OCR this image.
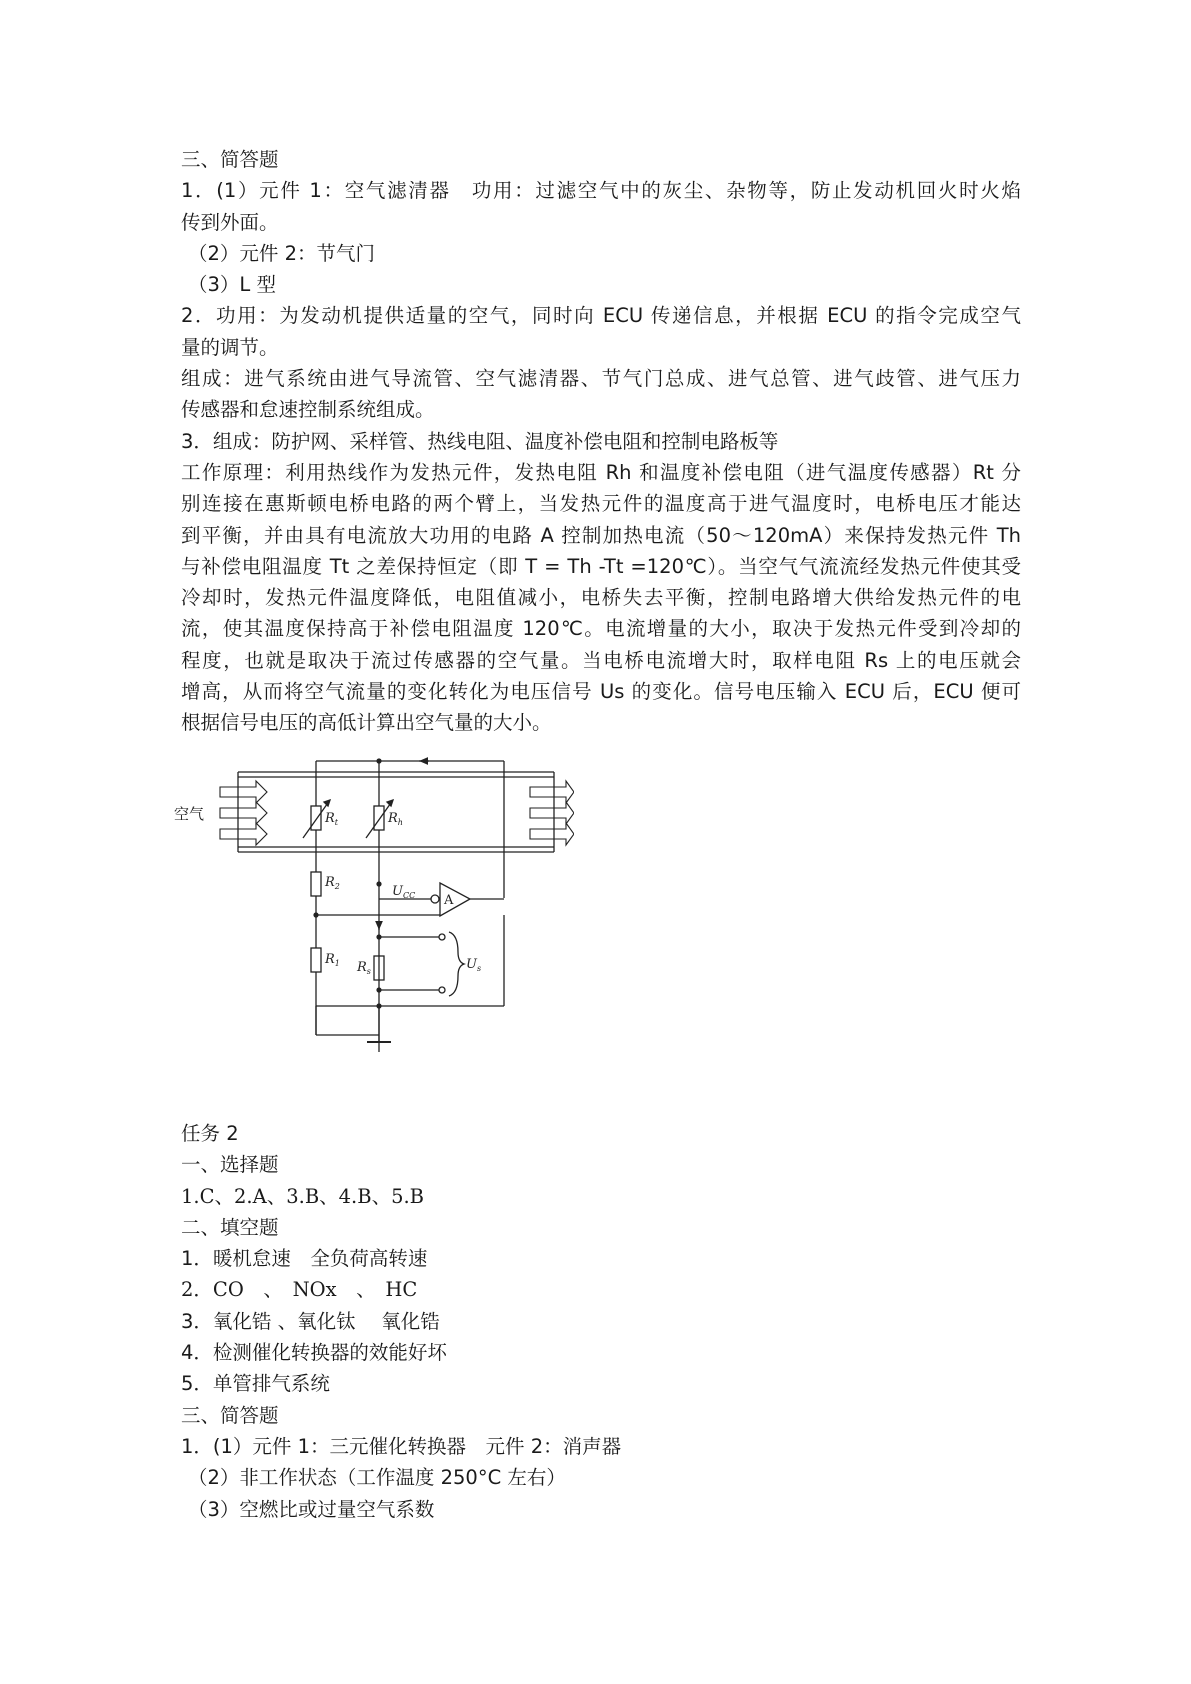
三、简答题
1．(1）元件 1：空气滤清器　功用：过滤空气中的灰尘、杂物等，防止发动机回火时火焰
传到外面。
（2）元件 2：节气门
（3）L 型
2．功用：为发动机提供适量的空气，同时向 ECU 传递信息，并根据 ECU 的指令完成空气
量的调节。
组成：进气系统由进气导流管、空气滤清器、节气门总成、进气总管、进气歧管、进气压力
传感器和怠速控制系统组成。
3．组成：防护网、采样管、热线电阻、温度补偿电阻和控制电路板等
工作原理：利用热线作为发热元件，发热电阻 Rh 和温度补偿电阻（进气温度传感器）Rt 分
别连接在惠斯顿电桥电路的两个臂上，当发热元件的温度高于进气温度时，电桥电压才能达
到平衡，并由具有电流放大功用的电路 A 控制加热电流（50～120mA）来保持发热元件 Th
与补偿电阻温度 Tt 之差保持恒定（即 T = Th -Tt =120℃）。当空气气流流经发热元件使其受
冷却时，发热元件温度降低，电阻值减小，电桥失去平衡，控制电路增大供给发热元件的电
流，使其温度保持高于补偿电阻温度 120℃。电流增量的大小，取决于发热元件受到冷却的
程度，也就是取决于流过传感器的空气量。当电桥电流增大时，取样电阻 Rs 上的电压就会
增高，从而将空气流量的变化转化为电压信号 Us 的变化。信号电压输入 ECU 后，ECU 便可
根据信号电压的高低计算出空气量的大小。
空气	$R_t$	$R_h$
$R_2$
$R_1$
A
$U_{CC}$
$R_s$	$U_s$
任务 2
一、选择题
1.C、2.A、3.B、4.B、5.B
二、填空题
1．暖机怠速　全负荷高转速
2．CO　、　NOx　、　HC
3．氧化锆 、氧化钛　 氧化锆
4．检测催化转换器的效能好坏
5．单管排气系统
三、简答题
1．(1）元件 1：三元催化转换器　元件 2：消声器
（2）非工作状态（工作温度 250°C 左右）
（3）空燃比或过量空气系数
